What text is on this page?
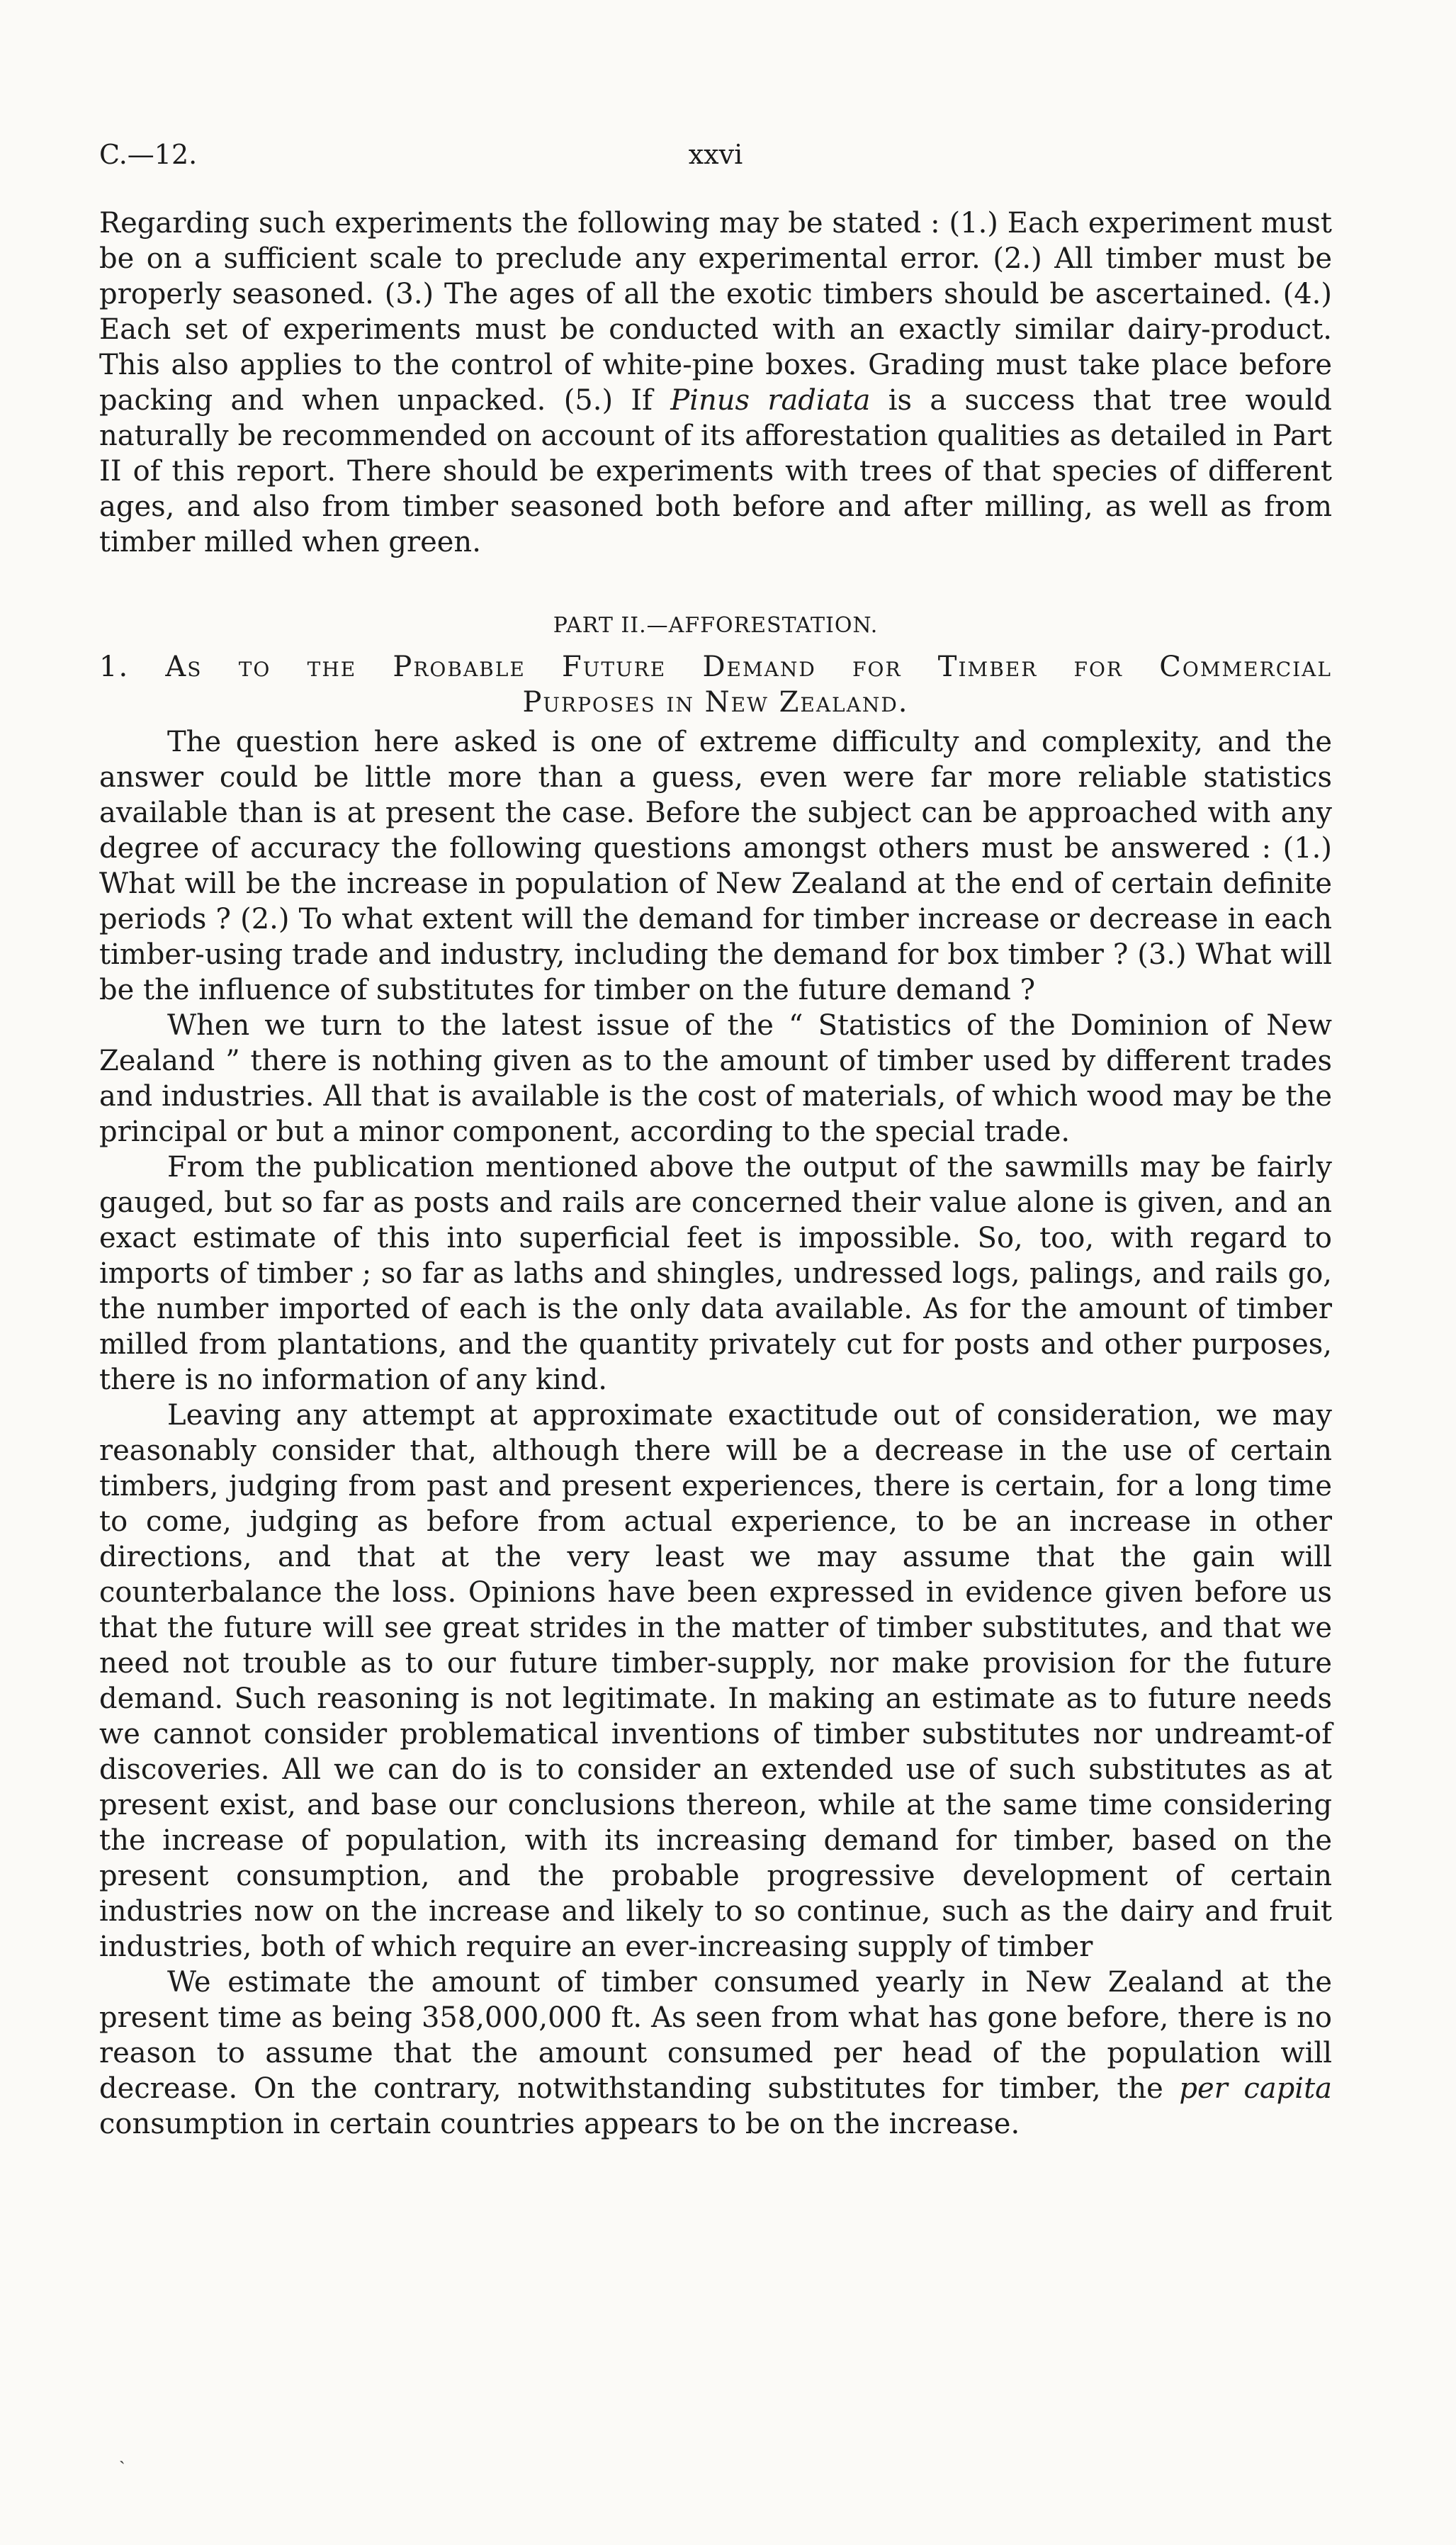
C.—12.	xxvi

Regarding such experiments the following may be stated : (1.) Each experiment must be on a sufficient scale to preclude any experimental error. (2.) All timber must be properly seasoned. (3.) The ages of all the exotic timbers should be ascertained. (4.) Each set of experiments must be conducted with an exactly similar dairy-product. This also applies to the control of white-pine boxes. Grading must take place before packing and when unpacked. (5.) If Pinus radiata is a success that tree would naturally be recommended on account of its afforestation qualities as detailed in Part II of this report. There should be experiments with trees of that species of different ages, and also from timber seasoned both before and after milling, as well as from timber milled when green.

PART II.—AFFORESTATION.

1. As to the Probable Future Demand for Timber for Commercial
Purposes in New Zealand.

The question here asked is one of extreme difficulty and complexity, and the answer could be little more than a guess, even were far more reliable statistics available than is at present the case. Before the subject can be approached with any degree of accuracy the following questions amongst others must be answered : (1.) What will be the increase in population of New Zealand at the end of certain definite periods ? (2.) To what extent will the demand for timber increase or decrease in each timber-using trade and industry, including the demand for box timber ? (3.) What will be the influence of substitutes for timber on the future demand ?

When we turn to the latest issue of the “ Statistics of the Dominion of New Zealand ” there is nothing given as to the amount of timber used by different trades and industries. All that is available is the cost of materials, of which wood may be the principal or but a minor component, according to the special trade.

From the publication mentioned above the output of the sawmills may be fairly gauged, but so far as posts and rails are concerned their value alone is given, and an exact estimate of this into superficial feet is impossible. So, too, with regard to imports of timber ; so far as laths and shingles, undressed logs, palings, and rails go, the number imported of each is the only data available. As for the amount of timber milled from plantations, and the quantity privately cut for posts and other purposes, there is no information of any kind.

Leaving any attempt at approximate exactitude out of consideration, we may reasonably consider that, although there will be a decrease in the use of certain timbers, judging from past and present experiences, there is certain, for a long time to come, judging as before from actual experience, to be an increase in other directions, and that at the very least we may assume that the gain will counterbalance the loss. Opinions have been expressed in evidence given before us that the future will see great strides in the matter of timber substitutes, and that we need not trouble as to our future timber-supply, nor make provision for the future demand. Such reasoning is not legitimate. In making an estimate as to future needs we cannot consider problematical inventions of timber substitutes nor undreamt-of discoveries. All we can do is to consider an extended use of such substitutes as at present exist, and base our conclusions thereon, while at the same time considering the increase of population, with its increasing demand for timber, based on the present consumption, and the probable progressive development of certain industries now on the increase and likely to so continue, such as the dairy and fruit industries, both of which require an ever-increasing supply of timber

We estimate the amount of timber consumed yearly in New Zealand at the present time as being 358,000,000 ft. As seen from what has gone before, there is no reason to assume that the amount consumed per head of the population will decrease. On the contrary, notwithstanding substitutes for timber, the per capita consumption in certain countries appears to be on the increase.

ˏ
